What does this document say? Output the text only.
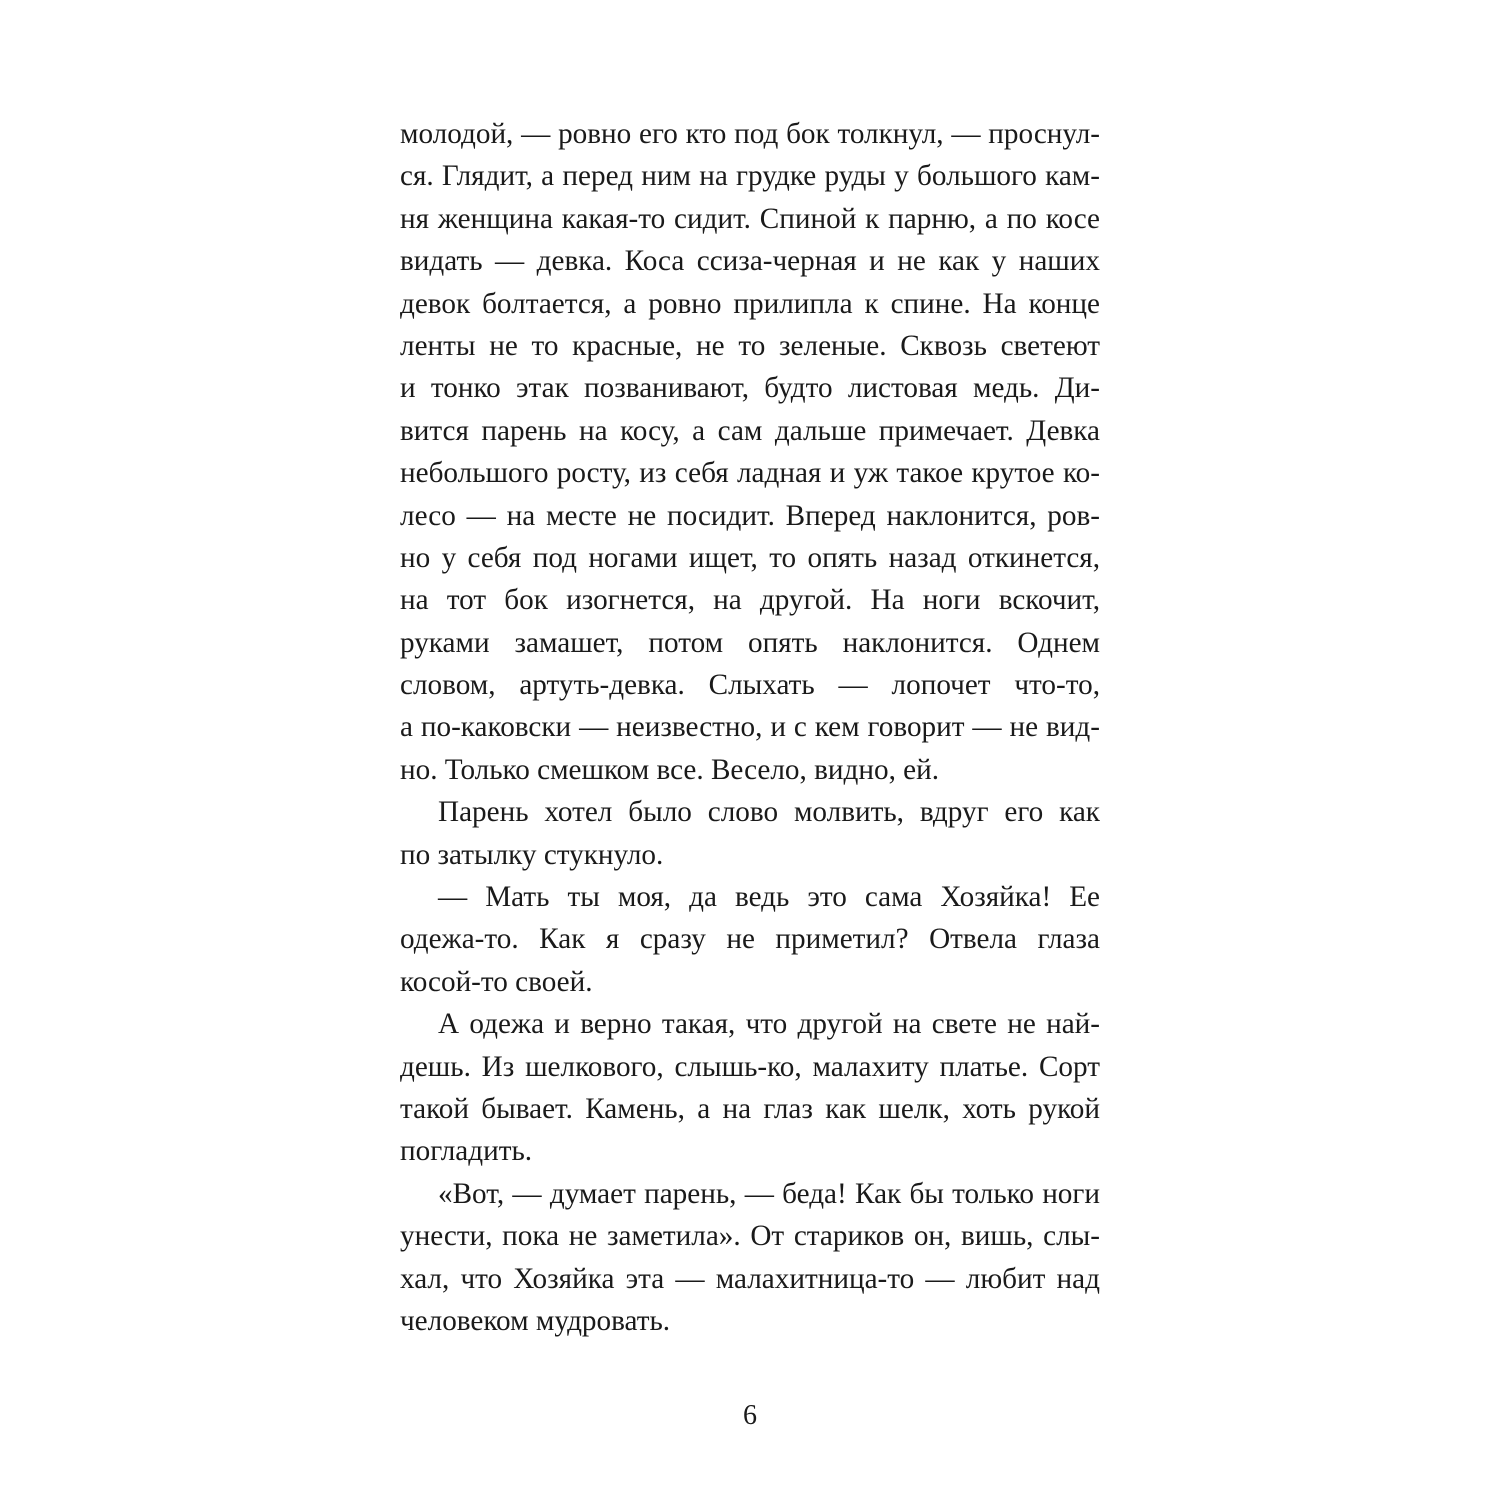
молодой, — ровно его кто под бок толкнул, — проснул-
ся. Глядит, а перед ним на грудке руды у большого кам-
ня женщина какая-то сидит. Спиной к парню, а по косе
видать — девка. Коса ссиза-черная и не как у наших
девок болтается, а ровно прилипла к спине. На конце
ленты не то красные, не то зеленые. Сквозь светеют
и тонко этак позванивают, будто листовая медь. Ди-
вится парень на косу, а сам дальше примечает. Девка
небольшого росту, из себя ладная и уж такое крутое ко-
лесо — на месте не посидит. Вперед наклонится, ров-
но у себя под ногами ищет, то опять назад откинется,
на тот бок изогнется, на другой. На ноги вскочит,
руками замашет, потом опять наклонится. Однем
словом, артуть-девка. Слыхать — лопочет что-то,
а по-каковски — неизвестно, и с кем говорит — не вид-
но. Только смешком все. Весело, видно, ей.
Парень хотел было слово молвить, вдруг его как
по затылку стукнуло.
— Мать ты моя, да ведь это сама Хозяйка! Ее
одежа-то. Как я сразу не приметил? Отвела глаза
косой-то своей.
А одежа и верно такая, что другой на свете не най-
дешь. Из шелкового, слышь-ко, малахиту платье. Сорт
такой бывает. Камень, а на глаз как шелк, хоть рукой
погладить.
«Вот, — думает парень, — беда! Как бы только ноги
унести, пока не заметила». От стариков он, вишь, слы-
хал, что Хозяйка эта — малахитница-то — любит над
человеком мудровать.
6
